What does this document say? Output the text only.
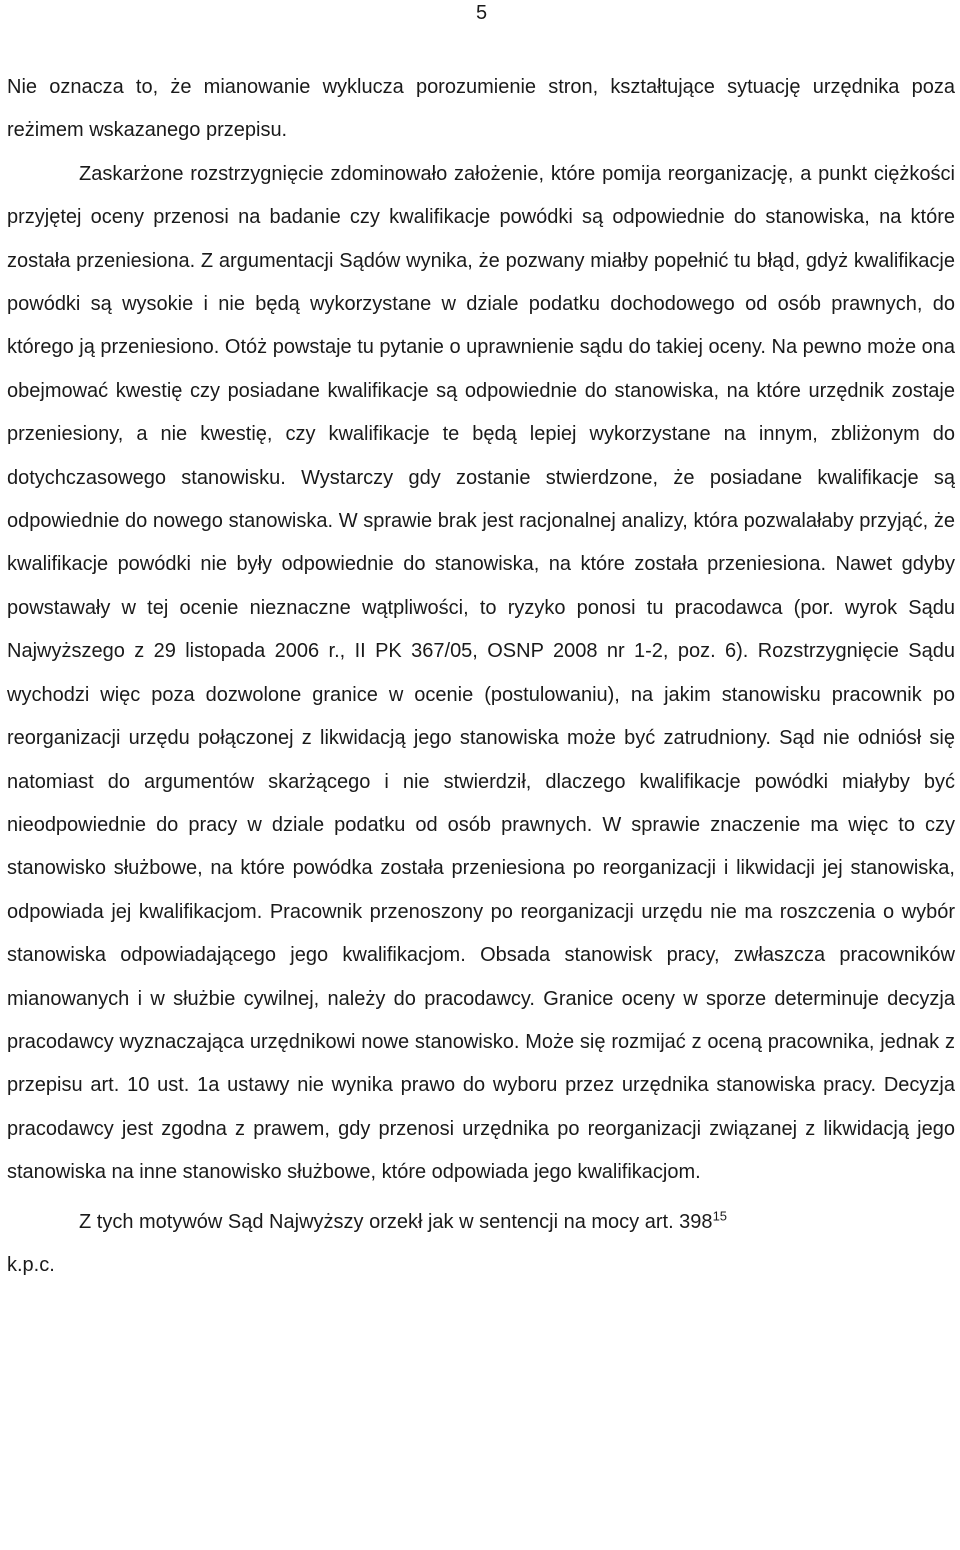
5

Nie oznacza to, że mianowanie wyklucza porozumienie stron, kształtujące sytuację urzędnika poza reżimem wskazanego przepisu.

Zaskarżone rozstrzygnięcie zdominowało założenie, które pomija reorganizację, a punkt ciężkości przyjętej oceny przenosi na badanie czy kwalifikacje powódki są odpowiednie do stanowiska, na które została przeniesiona. Z argumentacji Sądów wynika, że pozwany miałby popełnić tu błąd, gdyż kwalifikacje powódki są wysokie i nie będą wykorzystane w dziale podatku dochodowego od osób prawnych, do którego ją przeniesiono. Otóż powstaje tu pytanie o uprawnienie sądu do takiej oceny. Na pewno może ona obejmować kwestię czy posiadane kwalifikacje są odpowiednie do stanowiska, na które urzędnik zostaje przeniesiony, a nie kwestię, czy kwalifikacje te będą lepiej wykorzystane na innym, zbliżonym do dotychczasowego stanowisku. Wystarczy gdy zostanie stwierdzone, że posiadane kwalifikacje są odpowiednie do nowego stanowiska. W sprawie brak jest racjonalnej analizy, która pozwalałaby przyjąć, że kwalifikacje powódki nie były odpowiednie do stanowiska, na które została przeniesiona. Nawet gdyby powstawały w tej ocenie nieznaczne wątpliwości, to ryzyko ponosi tu pracodawca (por. wyrok Sądu Najwyższego z 29 listopada 2006 r., II PK 367/05, OSNP 2008 nr 1-2, poz. 6). Rozstrzygnięcie Sądu wychodzi więc poza dozwolone granice w ocenie (postulowaniu), na jakim stanowisku pracownik po reorganizacji urzędu połączonej z likwidacją jego stanowiska może być zatrudniony. Sąd nie odniósł się natomiast do argumentów skarżącego i nie stwierdził, dlaczego kwalifikacje powódki miałyby być nieodpowiednie do pracy w dziale podatku od osób prawnych. W sprawie znaczenie ma więc to czy stanowisko służbowe, na które powódka została przeniesiona po reorganizacji i likwidacji jej stanowiska, odpowiada jej kwalifikacjom. Pracownik przenoszony po reorganizacji urzędu nie ma roszczenia o wybór stanowiska odpowiadającego jego kwalifikacjom. Obsada stanowisk pracy, zwłaszcza pracowników mianowanych i w służbie cywilnej, należy do pracodawcy. Granice oceny w sporze determinuje decyzja pracodawcy wyznaczająca urzędnikowi nowe stanowisko. Może się rozmijać z oceną pracownika, jednak z przepisu art. 10 ust. 1a ustawy nie wynika prawo do wyboru przez urzędnika stanowiska pracy. Decyzja pracodawcy jest zgodna z prawem, gdy przenosi urzędnika po reorganizacji związanej z likwidacją jego stanowiska na inne stanowisko służbowe, które odpowiada jego kwalifikacjom.

Z tych motywów Sąd Najwyższy orzekł jak w sentencji na mocy art. $398^{15}$
k.p.c.
